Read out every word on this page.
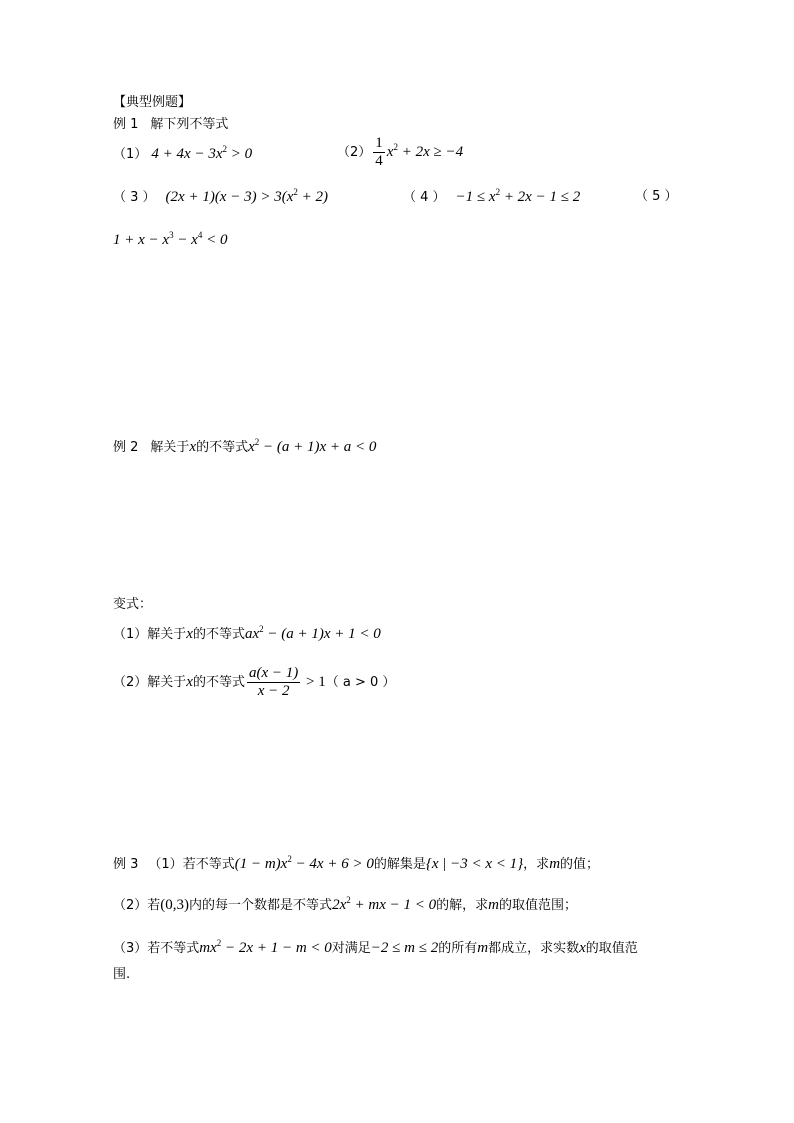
【典型例题】
例 1 解下列不等式
（1） $4 + 4x - 3x^2 > 0$	$(2) \frac{1}{4} x^2 + 2x \ge -4$
（ 3 ） $(2x + 1)(x - 3) > 3(x^2 + 2)$	（ 4 ） $-1 \le x^2 + 2x - 1 \le 2$	（ 5 ）
$1 + x - x^3 - x^4 < 0$
例 2 解关于x的不等式$x^2 - (a + 1)x + a < 0$
变式：
（1）解关于x的不等式$ax^2 - (a + 1)x + 1 < 0$
（2）解关于x的不等式 $\frac{a(x - 1)}{x - 2} > 1$（ a > 0 ）
例 3 （1）若不等式$(1 - m)x^2 - 4x + 6 > 0$的解集是{x | −3 < x < 1}，求m的值；
（2）若(0,3)内的每一个数都是不等式$2x^2$ + mx − 1 < 0的解，求m的取值范围；
（3）若不等式$mx^2 - 2x + 1 - m < 0$对满足−2 ≤ m ≤ 2的所有m都成立，求实数x的取值范
围.
